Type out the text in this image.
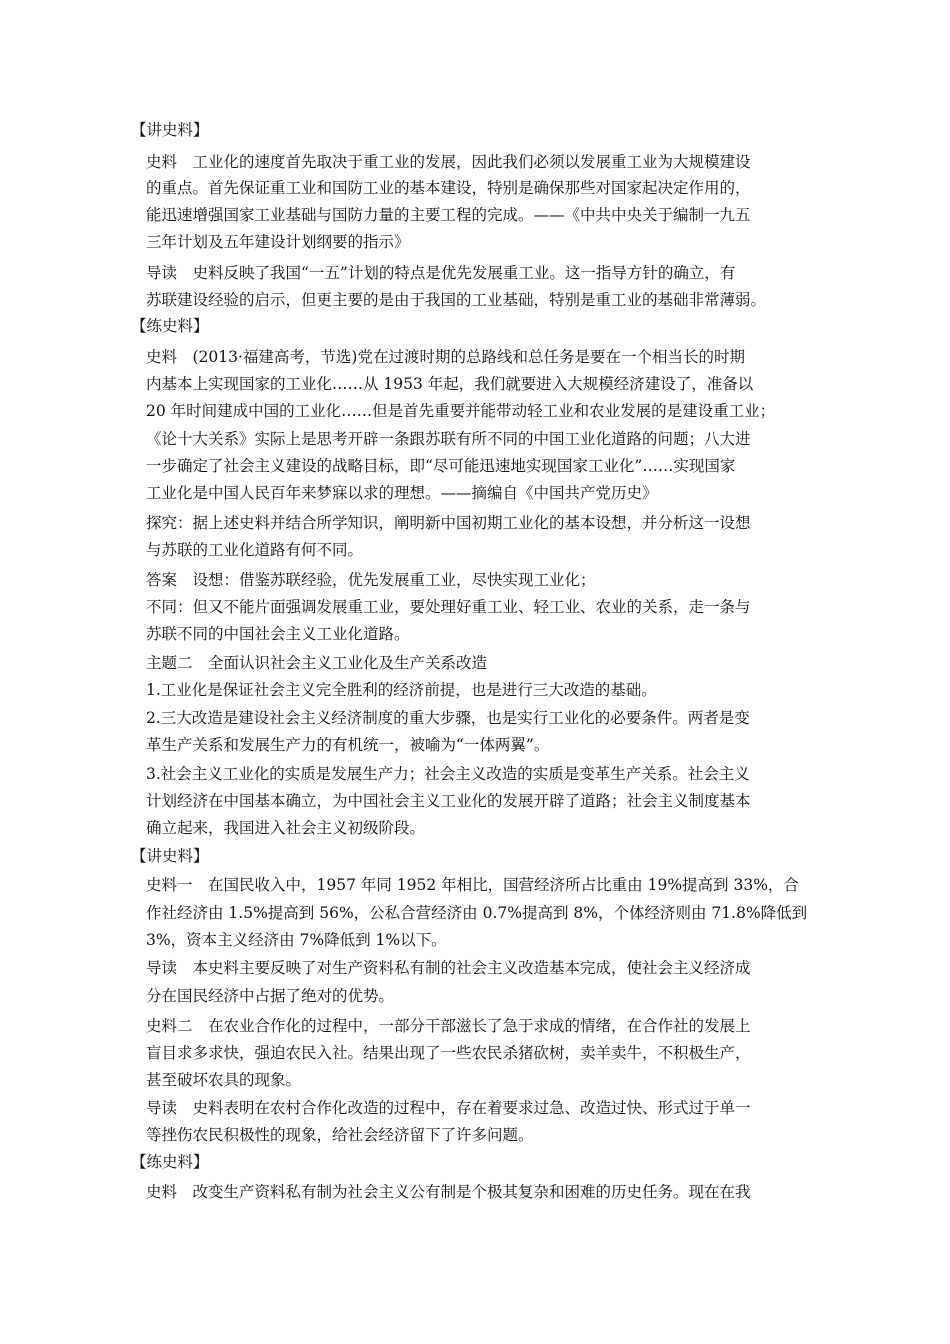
【讲史料】
史料　工业化的速度首先取决于重工业的发展，因此我们必须以发展重工业为大规模建设
的重点。首先保证重工业和国防工业的基本建设，特别是确保那些对国家起决定作用的，
能迅速增强国家工业基础与国防力量的主要工程的完成。——《中共中央关于编制一九五
三年计划及五年建设计划纲要的指示》
导读　史料反映了我国“一五”计划的特点是优先发展重工业。这一指导方针的确立，有
苏联建设经验的启示，但更主要的是由于我国的工业基础，特别是重工业的基础非常薄弱。
【练史料】
史料　(2013·福建高考，节选)党在过渡时期的总路线和总任务是要在一个相当长的时期
内基本上实现国家的工业化……从 1953 年起，我们就要进入大规模经济建设了，准备以
20 年时间建成中国的工业化……但是首先重要并能带动轻工业和农业发展的是建设重工业；
《论十大关系》实际上是思考开辟一条跟苏联有所不同的中国工业化道路的问题；八大进
一步确定了社会主义建设的战略目标，即“尽可能迅速地实现国家工业化”……实现国家
工业化是中国人民百年来梦寐以求的理想。——摘编自《中国共产党历史》
探究：据上述史料并结合所学知识，阐明新中国初期工业化的基本设想，并分析这一设想
与苏联的工业化道路有何不同。
答案　设想：借鉴苏联经验，优先发展重工业，尽快实现工业化；
不同：但又不能片面强调发展重工业，要处理好重工业、轻工业、农业的关系，走一条与
苏联不同的中国社会主义工业化道路。
主题二　全面认识社会主义工业化及生产关系改造
1.工业化是保证社会主义完全胜利的经济前提，也是进行三大改造的基础。
2.三大改造是建设社会主义经济制度的重大步骤，也是实行工业化的必要条件。两者是变
革生产关系和发展生产力的有机统一，被喻为“一体两翼”。
3.社会主义工业化的实质是发展生产力；社会主义改造的实质是变革生产关系。社会主义
计划经济在中国基本确立，为中国社会主义工业化的发展开辟了道路；社会主义制度基本
确立起来，我国进入社会主义初级阶段。
【讲史料】
史料一　在国民收入中，1957 年同 1952 年相比，国营经济所占比重由 19%提高到 33%，合
作社经济由 1.5%提高到 56%，公私合营经济由 0.7%提高到 8%，个体经济则由 71.8%降低到
3%，资本主义经济由 7%降低到 1%以下。
导读　本史料主要反映了对生产资料私有制的社会主义改造基本完成，使社会主义经济成
分在国民经济中占据了绝对的优势。
史料二　在农业合作化的过程中，一部分干部滋长了急于求成的情绪，在合作社的发展上
盲目求多求快，强迫农民入社。结果出现了一些农民杀猪砍树，卖羊卖牛，不积极生产，
甚至破坏农具的现象。
导读　史料表明在农村合作化改造的过程中，存在着要求过急、改造过快、形式过于单一
等挫伤农民积极性的现象，给社会经济留下了许多问题。
【练史料】
史料　改变生产资料私有制为社会主义公有制是个极其复杂和困难的历史任务。现在在我
